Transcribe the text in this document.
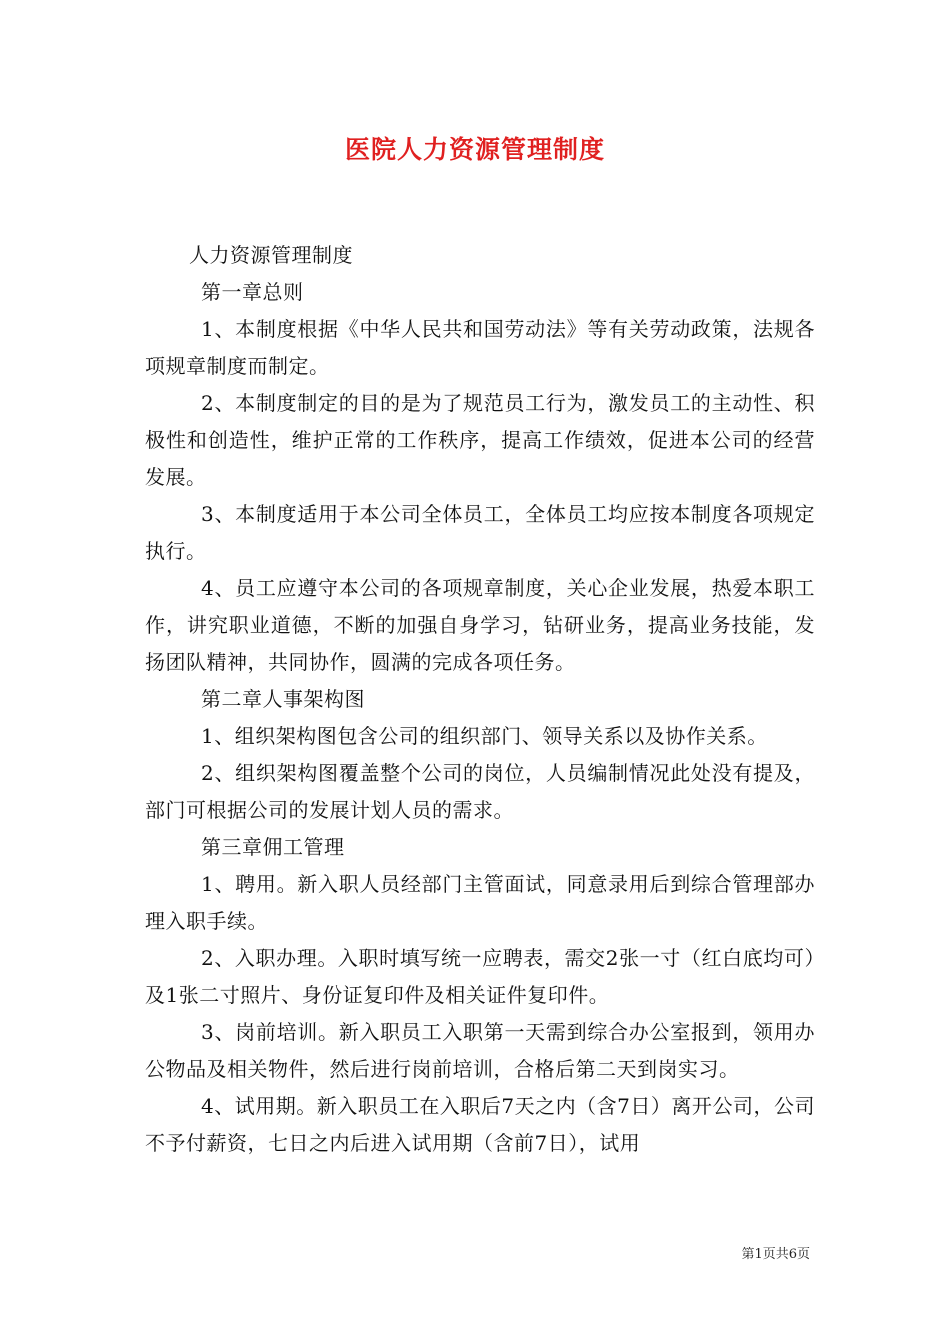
医院人力资源管理制度

人力资源管理制度

第一章总则

1、本制度根据《中华人民共和国劳动法》等有关劳动政策，法规各项规章制度而制定。

2、本制度制定的目的是为了规范员工行为，激发员工的主动性、积极性和创造性，维护正常的工作秩序，提高工作绩效，促进本公司的经营发展。

3、本制度适用于本公司全体员工，全体员工均应按本制度各项规定执行。

4、员工应遵守本公司的各项规章制度，关心企业发展，热爱本职工作，讲究职业道德，不断的加强自身学习，钻研业务，提高业务技能，发扬团队精神，共同协作，圆满的完成各项任务。

第二章人事架构图

1、组织架构图包含公司的组织部门、领导关系以及协作关系。

2、组织架构图覆盖整个公司的岗位，人员编制情况此处没有提及，部门可根据公司的发展计划人员的需求。

第三章佣工管理

1、聘用。新入职人员经部门主管面试，同意录用后到综合管理部办理入职手续。

2、入职办理。入职时填写统一应聘表，需交2张一寸（红白底均可）及1张二寸照片、身份证复印件及相关证件复印件。

3、岗前培训。新入职员工入职第一天需到综合办公室报到，领用办公物品及相关物件，然后进行岗前培训，合格后第二天到岗实习。

4、试用期。新入职员工在入职后7天之内（含7日）离开公司，公司不予付薪资，七日之内后进入试用期（含前7日），试用

第1页共6页
